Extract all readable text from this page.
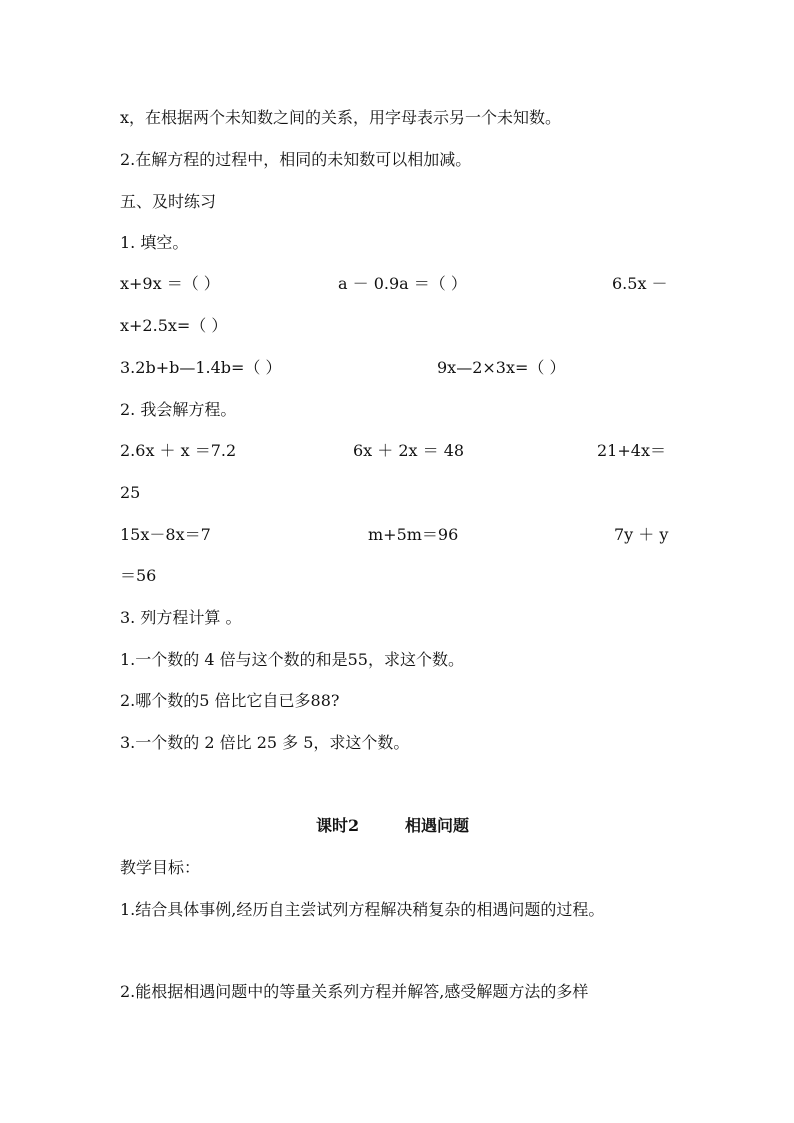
x，在根据两个未知数之间的关系，用字母表示另一个未知数。
2.在解方程的过程中，相同的未知数可以相加减。
五、及时练习
1. 填空。
x+9x ＝（ ）	a － 0.9a ＝（ ）	6.5x －
x+2.5x=（ ）
3.2b+b—1.4b=（ ）	9x—2×3x=（ ）
2. 我会解方程。
2.6x ＋ x ＝7.2	6x ＋ 2x ＝ 48	21+4x＝
25
15x－8x＝7	m+5m＝96	7y ＋ y
＝56
3. 列方程计算 。
1.一个数的 4 倍与这个数的和是55，求这个数。
2.哪个数的5 倍比它自已多88?
3.一个数的 2 倍比 25 多 5，求这个数。
课时2	相遇问题
教学目标：
1.结合具体事例,经历自主尝试列方程解决稍复杂的相遇问题的过程。
2.能根据相遇问题中的等量关系列方程并解答,感受解题方法的多样
